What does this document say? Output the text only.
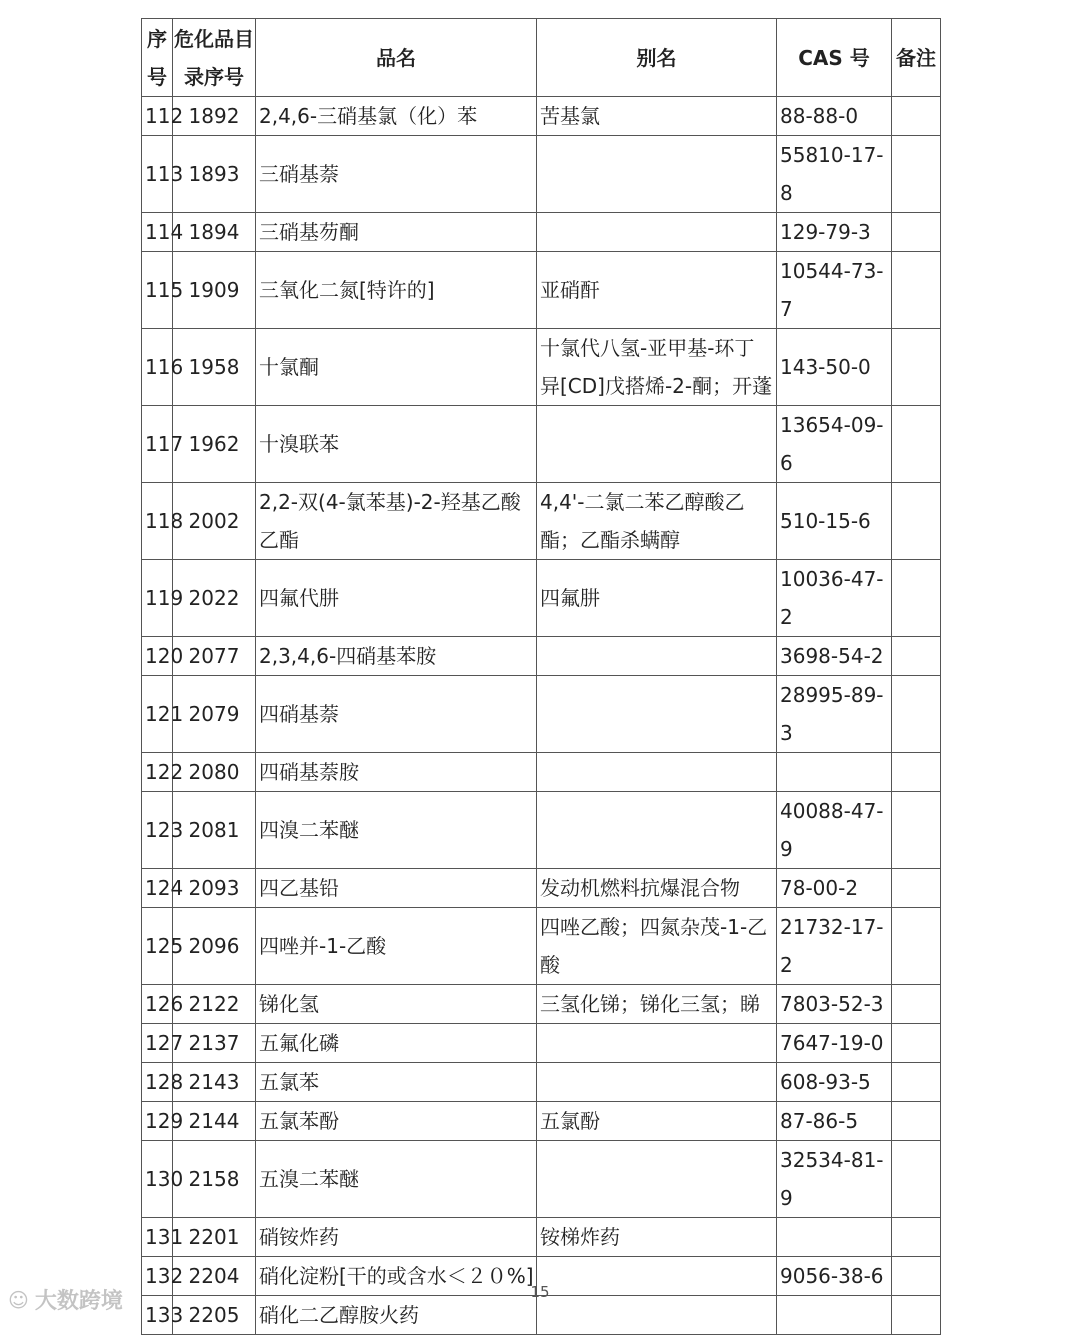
序号	危化品目录序号	品名	别名	CAS 号	备注
112	1892	2,4,6-三硝基氯（化）苯	苦基氯	88-88-0	
113	1893	三硝基萘		55810-17-8	
114	1894	三硝基芴酮		129-79-3	
115	1909	三氧化二氮[特许的]	亚硝酐	10544-73-7	
116	1958	十氯酮	十氯代八氢-亚甲基-环丁异[CD]戊搭烯-2-酮；开蓬	143-50-0	
117	1962	十溴联苯		13654-09-6	
118	2002	2,2-双(4-氯苯基)-2-羟基乙酸乙酯	4,4'-二氯二苯乙醇酸乙酯；乙酯杀螨醇	510-15-6	
119	2022	四氟代肼	四氟肼	10036-47-2	
120	2077	2,3,4,6-四硝基苯胺		3698-54-2	
121	2079	四硝基萘		28995-89-3	
122	2080	四硝基萘胺			
123	2081	四溴二苯醚		40088-47-9	
124	2093	四乙基铅	发动机燃料抗爆混合物	78-00-2	
125	2096	四唑并-1-乙酸	四唑乙酸；四氮杂茂-1-乙酸	21732-17-2	
126	2122	锑化氢	三氢化锑；锑化三氢；睇	7803-52-3	
127	2137	五氟化磷		7647-19-0	
128	2143	五氯苯		608-93-5	
129	2144	五氯苯酚	五氯酚	87-86-5	
130	2158	五溴二苯醚		32534-81-9	
131	2201	硝铵炸药	铵梯炸药		
132	2204	硝化淀粉[干的或含水＜２０%]		9056-38-6	
133	2205	硝化二乙醇胺火药			
15
☺ 大数跨境
